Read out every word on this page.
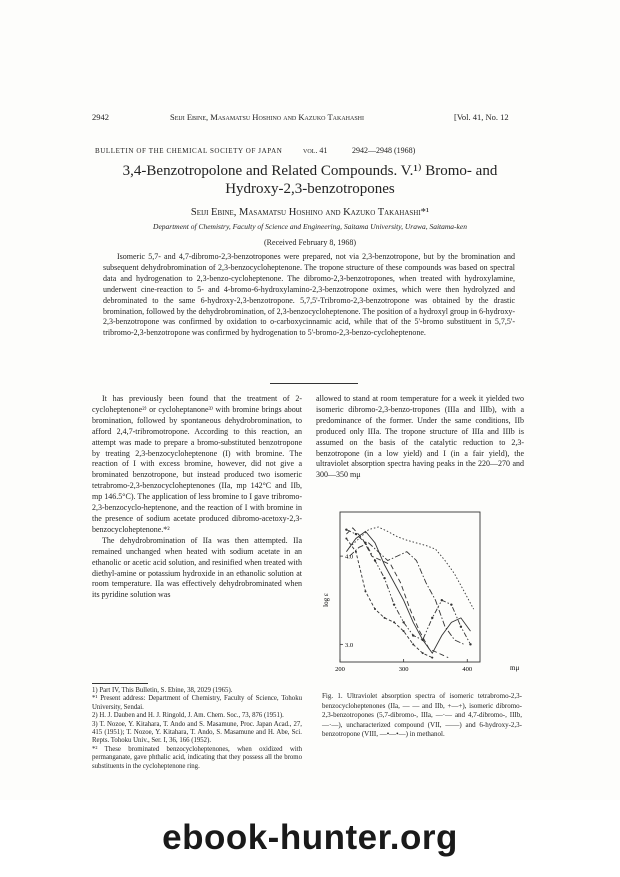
2942	Seiji Ebine, Masamatsu Hoshino and Kazuko Takahashi	[Vol. 41, No. 12
BULLETIN OF THE CHEMICAL SOCIETY OF JAPAN	vol. 41	2942—2948 (1968)
3,4-Benzotropolone and Related Compounds. V.¹⁾ Bromo- and
Hydroxy-2,3-benzotropones
Seiji Ebine, Masamatsu Hoshino and Kazuko Takahashi*¹
Department of Chemistry, Faculty of Science and Engineering, Saitama University, Urawa, Saitama-ken
(Received February 8, 1968)
Isomeric 5,7- and 4,7-dibromo-2,3-benzotropones were prepared, not via 2,3-benzotropone, but by the bromination and subsequent dehydrobromination of 2,3-benzocycloheptenone. The tropone structure of these compounds was based on spectral data and hydrogenation to 2,3-benzo-cycloheptenone. The dibromo-2,3-benzotropones, when treated with hydroxylamine, underwent cine-reaction to 5- and 4-bromo-6-hydroxylamino-2,3-benzotropone oximes, which were then hydrolyzed and debrominated to the same 6-hydroxy-2,3-benzotropone. 5,7,5'-Tribromo-2,3-benzotropone was obtained by the drastic bromination, followed by the dehydrobromination, of 2,3-benzocycloheptenone. The position of a hydroxyl group in 6-hydroxy-2,3-benzotropone was confirmed by oxidation to o-carboxycinnamic acid, while that of the 5'-bromo substituent in 5,7,5'-tribromo-2,3-benzotropone was confirmed by hydrogenation to 5'-bromo-2,3-benzo-cycloheptenone.

It has previously been found that the treatment of 2-cycloheptenone²⁾ or cycloheptanone³⁾ with bromine brings about bromination, followed by spontaneous dehydrobromination, to afford 2,4,7-tribromotropone. According to this reaction, an attempt was made to prepare a bromo-substituted benzotropone by treating 2,3-benzocycloheptenone (I) with bromine. The reaction of I with excess bromine, however, did not give a brominated benzotropone, but instead produced two isomeric tetrabromo-2,3-benzocycloheptenones (IIa, mp 142°C and IIb, mp 146.5°C). The application of less bromine to I gave tribromo-2,3-benzocyclo-heptenone, and the reaction of I with bromine in the presence of sodium acetate produced dibromo-acetoxy-2,3-benzocycloheptenone.*²

The dehydrobromination of IIa was then attempted. IIa remained unchanged when heated with sodium acetate in an ethanolic or acetic acid solution, and resinified when treated with diethyl-amine or potassium hydroxide in an ethanolic solution at room temperature. IIa was effectively dehydrobrominated when its pyridine solution was

1) Part IV, This Bulletin, S. Ebine, 38, 2029 (1965).

*¹ Present address: Department of Chemistry, Faculty of Science, Tohoku University, Sendai.

2) H. J. Dauben and H. J. Ringold, J. Am. Chem. Soc., 73, 876 (1951).

3) T. Nozoe, Y. Kitahara, T. Ando and S. Masamune, Proc. Japan Acad., 27, 415 (1951); T. Nozoe, Y. Kitahara, T. Ando, S. Masamune and H. Abe, Sci. Repts. Tohoku Univ., Ser. I, 36, 166 (1952).

*² These brominated benzocycloheptenones, when oxidized with permanganate, gave phthalic acid, indicating that they possess all the bromo substituents in the cycloheptenone ring.

allowed to stand at room temperature for a week it yielded two isomeric dibromo-2,3-benzo-tropones (IIIa and IIIb), with a predominance of the former. Under the same conditions, IIb produced only IIIa. The tropone structure of IIIa and IIIb is assumed on the basis of the catalytic reduction to 2,3-benzotropone (in a low yield) and I (in a fair yield), the ultraviolet absorption spectra having peaks in the 220—270 and 300—350 mμ

200	300	400
3.0
4.0
log ε
mμ
Fig. 1. Ultraviolet absorption spectra of isomeric tetrabromo-2,3-benzocycloheptenones (IIa, — — and IIb, +—+), isomeric dibromo-2,3-benzotropones (5,7-dibromo-, IIIa, —·— and 4,7-dibromo-, IIIb, —·—), uncharacterized compound (VII, ——) and 6-hydroxy-2,3-benzotropone (VIII, —•—•—) in methanol.
ebook-hunter.org
